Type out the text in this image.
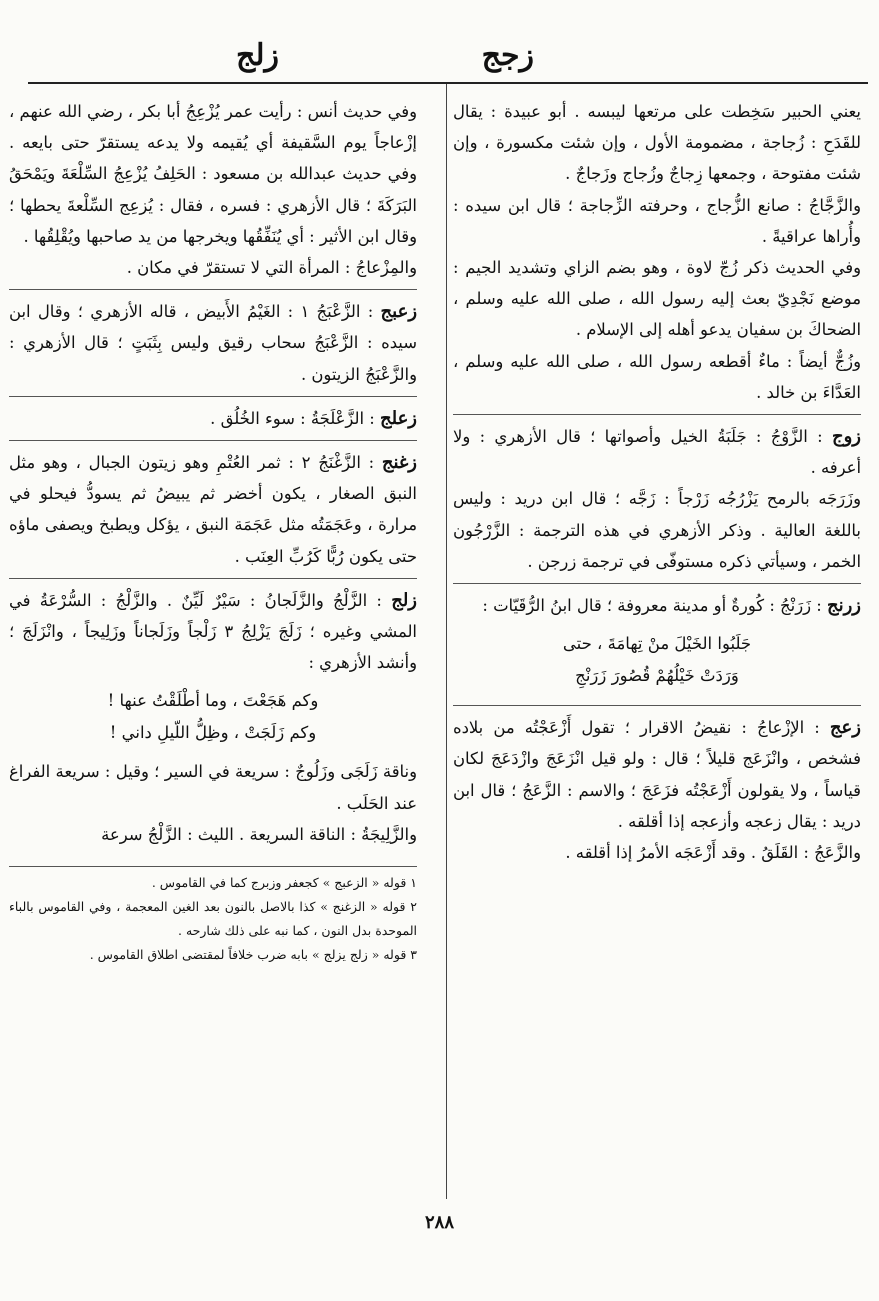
زجج
زلج

يعني الحبير سَخِطت على مرتعها ليبسه . أبو عبيدة : يقال للقَدَحِ : زُجاجة ، مضمومة الأول ، وإن شئت مكسورة ، وإن شئت مفتوحة ، وجمعها زِجاجٌ وزُجاج وزَجاجٌ .

والزَّجَّاجُ : صانع الزُّجاج ، وحرفته الزِّجاجة ؛ قال ابن سيده : وأُراها عراقيةً .

وفي الحديث ذكر زُجّ لاوة ، وهو بضم الزاي وتشديد الجيم : موضع نَجْدِيّ بعث إليه رسول الله ، صلى الله عليه وسلم ، الضحاكَ بن سفيان يدعو أهله إلى الإسلام .

وزُجٌّ أيضاً : ماءٌ أقطعه رسول الله ، صلى الله عليه وسلم ، العَدَّاءَ بن خالد .

زوج : الزَّوْجُ : جَلَبَةُ الخيل وأصواتها ؛ قال الأزهري : ولا أعرفه .

وزَرَجَه بالرمح يَزْرُجُه زَرْجاً : زَجَّه ؛ قال ابن دريد : وليس باللغة العالية . وذكر الأزهري في هذه الترجمة : الزَّرْجُون الخمر ، وسيأتي ذكره مستوفّى في ترجمة زرجن .

زرنج : زَرَنْجُ : كُورةٌ أو مدينة معروفة ؛ قال ابنُ الرُّقَيّات :

جَلَبُوا الخَيْلَ منْ تِهامَةَ ، حتى
وَرَدَتْ خَيْلُهُمْ قُصُورَ زَرَنْجِ

زعج : الإزْعاجُ : نقيضُ الاقرار ؛ تقول أَزْعَجْتُه من بلاده فشخص ، وانْزَعَج قليلاً ؛ قال : ولو قيل انْزَعَجَ وازْدَعَجَ لكان قياساً ، ولا يقولون أَزْعَجْتُه فزَعَجَ ؛ والاسم : الزَّعَجُ ؛ قال ابن دريد : يقال زعجه وأزعجه إذا أقلقه .

والزَّعَجُ : القَلَقُ . وقد أَزْعَجَه الأمرُ إذا أقلقه .

وفي حديث أنس : رأيت عمر يُزْعِجُ أبا بكر ، رضي الله عنهم ، إزْعاجاً يوم السَّقيفة أي يُقيمه ولا يدعه يستقرّ حتى بايعه . وفي حديث عبدالله بن مسعود : الحَلِفُ يُزْعِجُ السِّلْعَةَ ويَمْحَقُ البَرَكَةَ ؛ قال الأزهري : فسره ، فقال : يُزعِج السِّلْعةَ يحطها ؛ وقال ابن الأثير : أي يُنَفِّقُها ويخرجها من يد صاحبها ويُقْلِقُها .

والمِزْعاجُ : المرأة التي لا تستقرّ في مكان .

زعبج : الزَّعْبَجُ ١ : الغَيْمُ الأَبيض ، قاله الأزهري ؛ وقال ابن سيده : الزَّعْبَجُ سحاب رقيق وليس بِثَبَتٍ ؛ قال الأزهري : والزَّعْبَجُ الزيتون .

زعلج : الزَّعْلَجَةُ : سوء الخُلُق .

زغنج : الزَّغْنَجُ ٢ : ثمر العُتْمِ وهو زيتون الجبال ، وهو مثل النبق الصغار ، يكون أخضر ثم يبيضُ ثم يسودُّ فيحلو في مرارة ، وعَجَمَتُه مثل عَجَمَة النبق ، يؤكل ويطبخ ويصفى ماؤه حتى يكون رُبًّا كَرُبِّ العِنَب .

زلج : الزَّلْجُ والزَّلَجانُ : سَيْرٌ لَيِّنٌ . والزَّلْجُ : السُّرْعَةُ في المشي وغيره ؛ زَلَجَ يَزْلِجُ ٣ زَلْجاً وزَلَجاناً وزَلِيجاً ، وانْزَلَجَ ؛ وأنشد الأزهري :

وكم هَجَعْتَ ، وما أطْلَقْتُ عنها !
وكم زَلَجَتْ ، وظِلُّ اللّيلِ داني !

وناقة زَلَجَى وزَلُوجٌ : سريعة في السير ؛ وقيل : سريعة الفراغ عند الحَلَب .

والزَّلِيجَةُ : الناقة السريعة . الليث : الزَّلْجُ سرعة

١ قوله « الزعبج » كجعفر وزبرج كما في القاموس .
٢ قوله « الزغنج » كذا بالاصل بالنون بعد الغين المعجمة ، وفي القاموس بالباء الموحدة بدل النون ، كما نبه على ذلك شارحه .
٣ قوله « زلج يزلج » بابه ضرب خلافاً لمقتضى اطلاق القاموس .
٢٨٨
